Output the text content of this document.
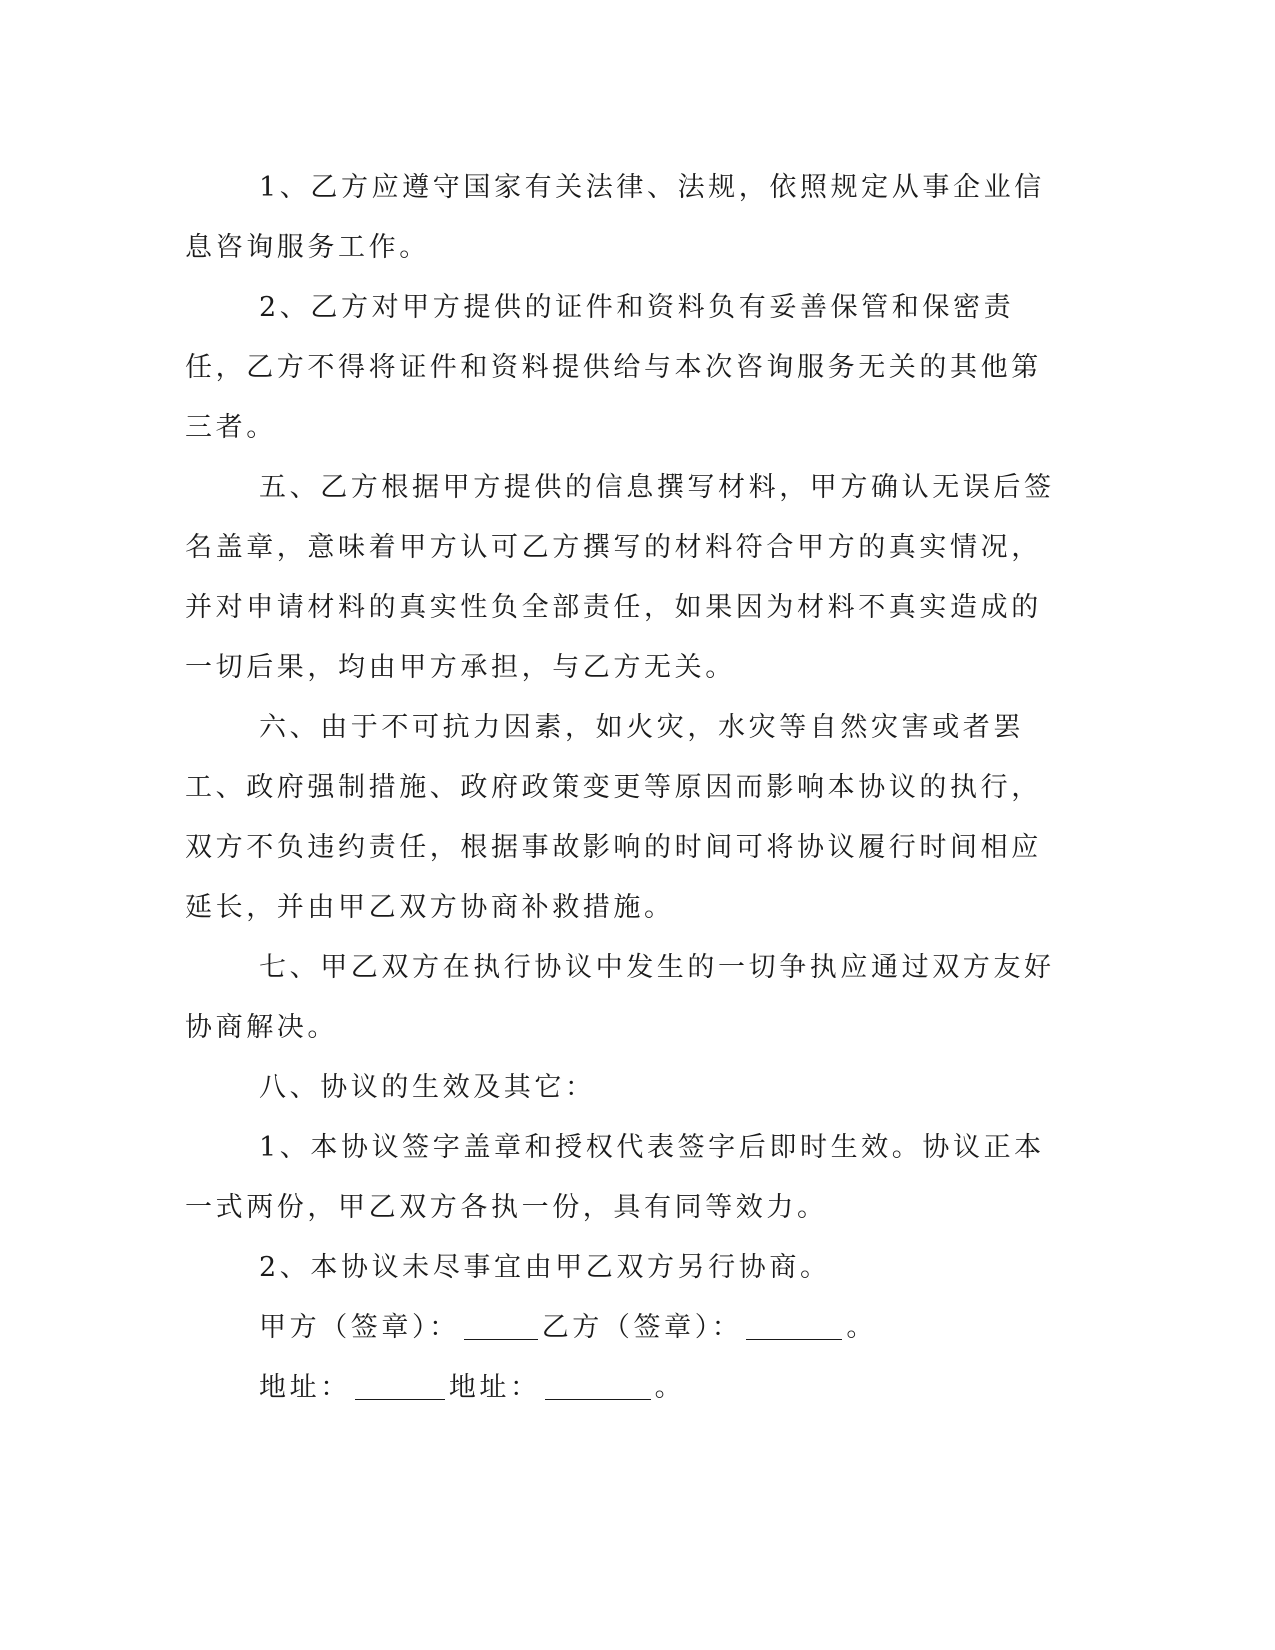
1、乙方应遵守国家有关法律、法规，依照规定从事企业信息咨询服务工作。

2、乙方对甲方提供的证件和资料负有妥善保管和保密责任，乙方不得将证件和资料提供给与本次咨询服务无关的其他第三者。

五、乙方根据甲方提供的信息撰写材料，甲方确认无误后签名盖章，意味着甲方认可乙方撰写的材料符合甲方的真实情况，并对申请材料的真实性负全部责任，如果因为材料不真实造成的一切后果，均由甲方承担，与乙方无关。

六、由于不可抗力因素，如火灾，水灾等自然灾害或者罢工、政府强制措施、政府政策变更等原因而影响本协议的执行，双方不负违约责任，根据事故影响的时间可将协议履行时间相应延长，并由甲乙双方协商补救措施。

七、甲乙双方在执行协议中发生的一切争执应通过双方友好协商解决。

八、协议的生效及其它：

1、本协议签字盖章和授权代表签字后即时生效。协议正本一式两份，甲乙双方各执一份，具有同等效力。

2、本协议未尽事宜由甲乙双方另行协商。

甲方（签章）：	乙方（签章）：	。

地址：	地址：	。
